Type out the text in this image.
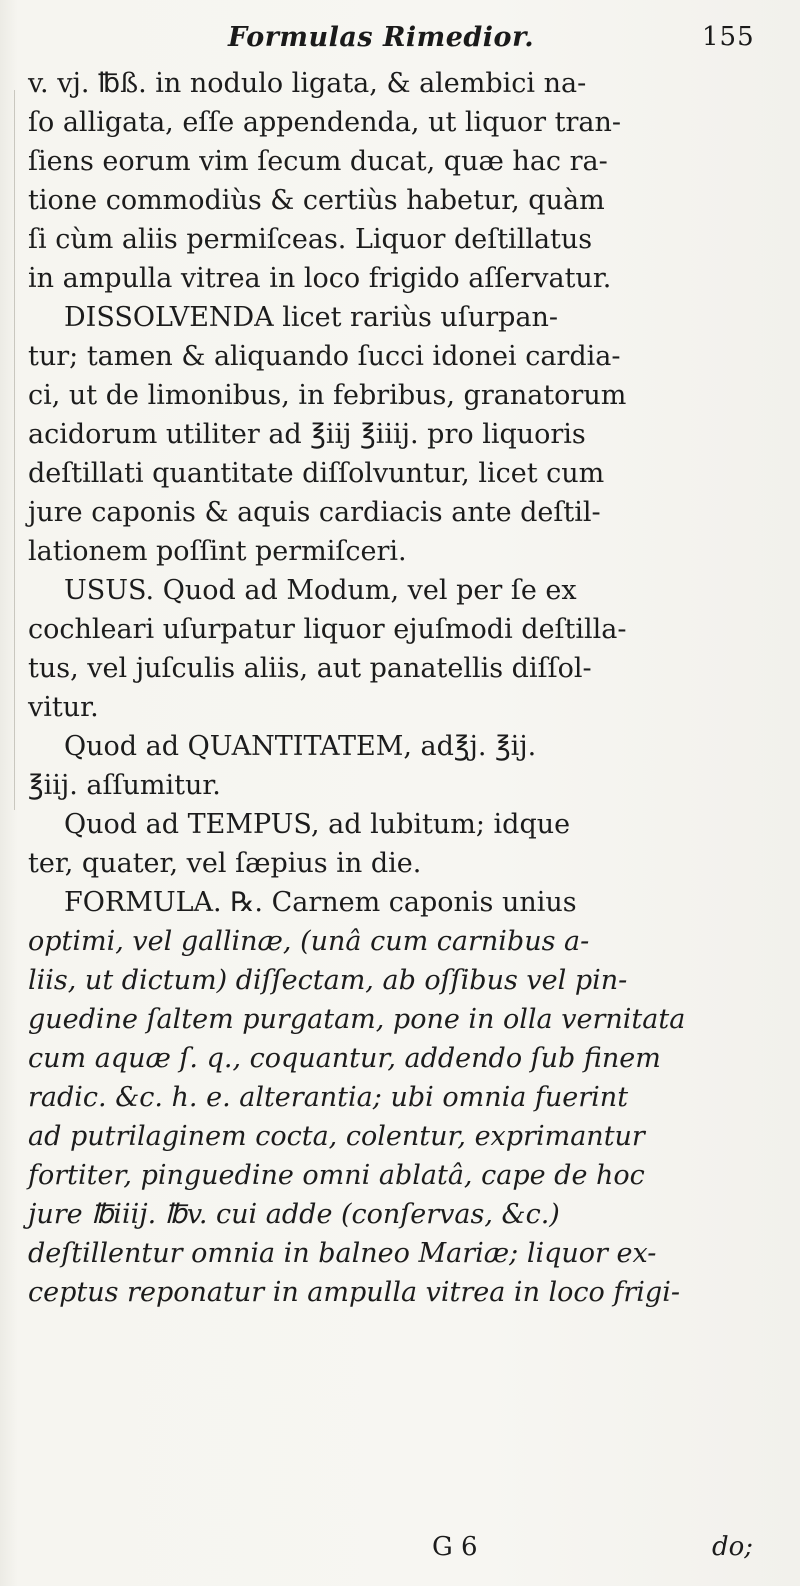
Formulas Rimedior.	155
v. vj. ℔ß. in nodulo ligata, & alembici na-
ſo alligata, eſſe appendenda, ut liquor tran-
ſiens eorum vim ſecum ducat, quæ hac ra-
tione commodiùs & certiùs habetur, quàm
ſi cùm aliis permiſceas. Liquor deſtillatus
in ampulla vitrea in loco frigido aſſervatur.
DISSOLVENDA licet rariùs uſurpan-
tur; tamen & aliquando ſucci idonei cardia-
ci, ut de limonibus, in febribus, granatorum
acidorum utiliter ad ℥iij ℥iiij. pro liquoris
deſtillati quantitate diſſolvuntur, licet cum
jure caponis & aquis cardiacis ante deſtil-
lationem poſſint permiſceri.
USUS. Quod ad Modum, vel per ſe ex
cochleari uſurpatur liquor ejuſmodi deſtilla-
tus, vel juſculis aliis, aut panatellis diſſol-
vitur.
Quod ad QUANTITATEM, ad℥j. ℥ij.
℥iij. aſſumitur.
Quod ad TEMPUS, ad lubitum; idque
ter, quater, vel ſæpius in die.
FORMULA. ℞. Carnem caponis unius
optimi, vel gallinæ, (unâ cum carnibus a-
liis, ut dictum) diſſectam, ab oſſibus vel pin-
guedine ſaltem purgatam, pone in olla vernitata
cum aquæ ſ. q., coquantur, addendo ſub finem
radic. &c. h. e. alterantia; ubi omnia fuerint
ad putrilaginem cocta, colentur, exprimantur
fortiter, pinguedine omni ablatâ, cape de hoc
jure ℔iiij. ℔v. cui adde (conſervas, &c.)
deſtillentur omnia in balneo Mariæ; liquor ex-
ceptus reponatur in ampulla vitrea in loco frigi-
G 6	do;
